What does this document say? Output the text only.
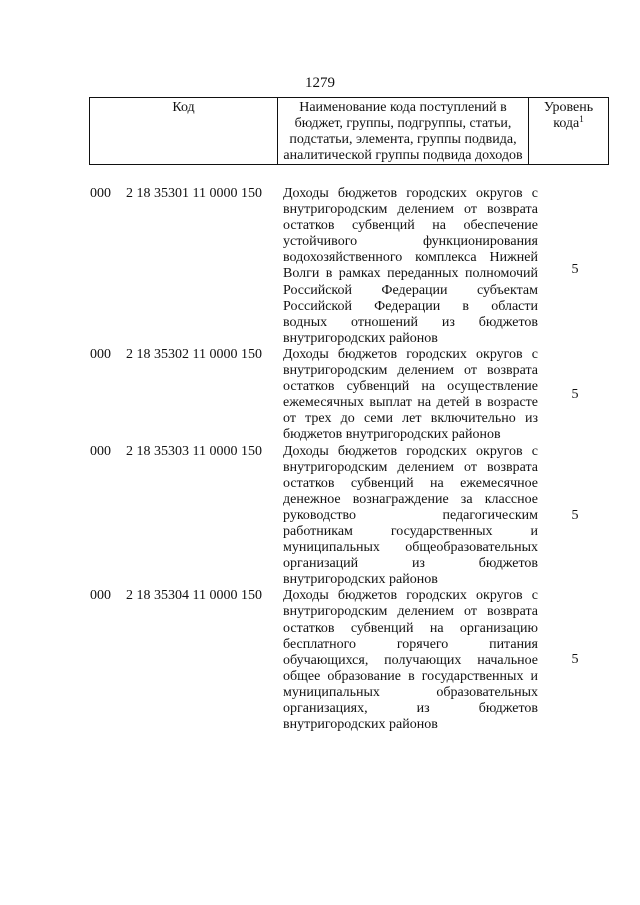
1279
Код	Наименование кода поступлений в бюджет, группы, подгруппы, статьи, подстатьи, элемента, группы подвида, аналитической группы подвида доходов	Уровень кода$^1$
000 2 18 35301 11 0000 150 Доходы бюджетов городских округов с
внутригородским делением от возврата
остатков субвенций на обеспечение
устойчивого функционирования
водохозяйственного комплекса Нижней
Волги в рамках переданных полномочий
Российской Федерации субъектам
Российской Федерации в области
водных отношений из бюджетов
внутригородских районов
5
000 2 18 35302 11 0000 150 Доходы бюджетов городских округов с
внутригородским делением от возврата
остатков субвенций на осуществление
ежемесячных выплат на детей в возрасте
от трех до семи лет включительно из
бюджетов внутригородских районов
5
000 2 18 35303 11 0000 150 Доходы бюджетов городских округов с
внутригородским делением от возврата
остатков субвенций на ежемесячное
денежное вознаграждение за классное
руководство педагогическим
работникам государственных и
муниципальных общеобразовательных
организаций из бюджетов
внутригородских районов
5
000 2 18 35304 11 0000 150 Доходы бюджетов городских округов с
внутригородским делением от возврата
остатков субвенций на организацию
бесплатного горячего питания
обучающихся, получающих начальное
общее образование в государственных и
муниципальных образовательных
организациях, из бюджетов
внутригородских районов
5
